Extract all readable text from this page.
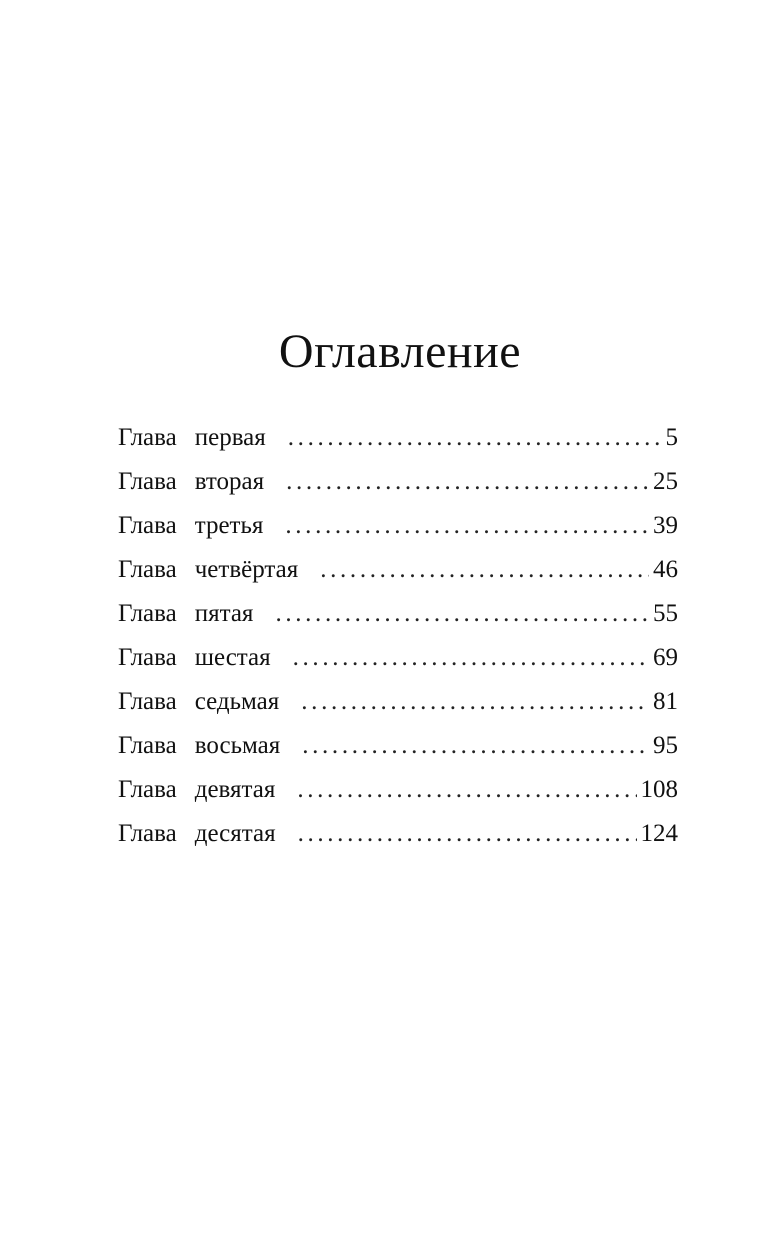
Оглавление
Глава первая . . .	5
Глава вторая . . .	25
Глава третья . . .	39
Глава четвёртая . . .	46
Глава пятая . . .	55
Глава шестая . . .	69
Глава седьмая . . .	81
Глава восьмая . . .	95
Глава девятая . . .	108
Глава десятая . . .	124
